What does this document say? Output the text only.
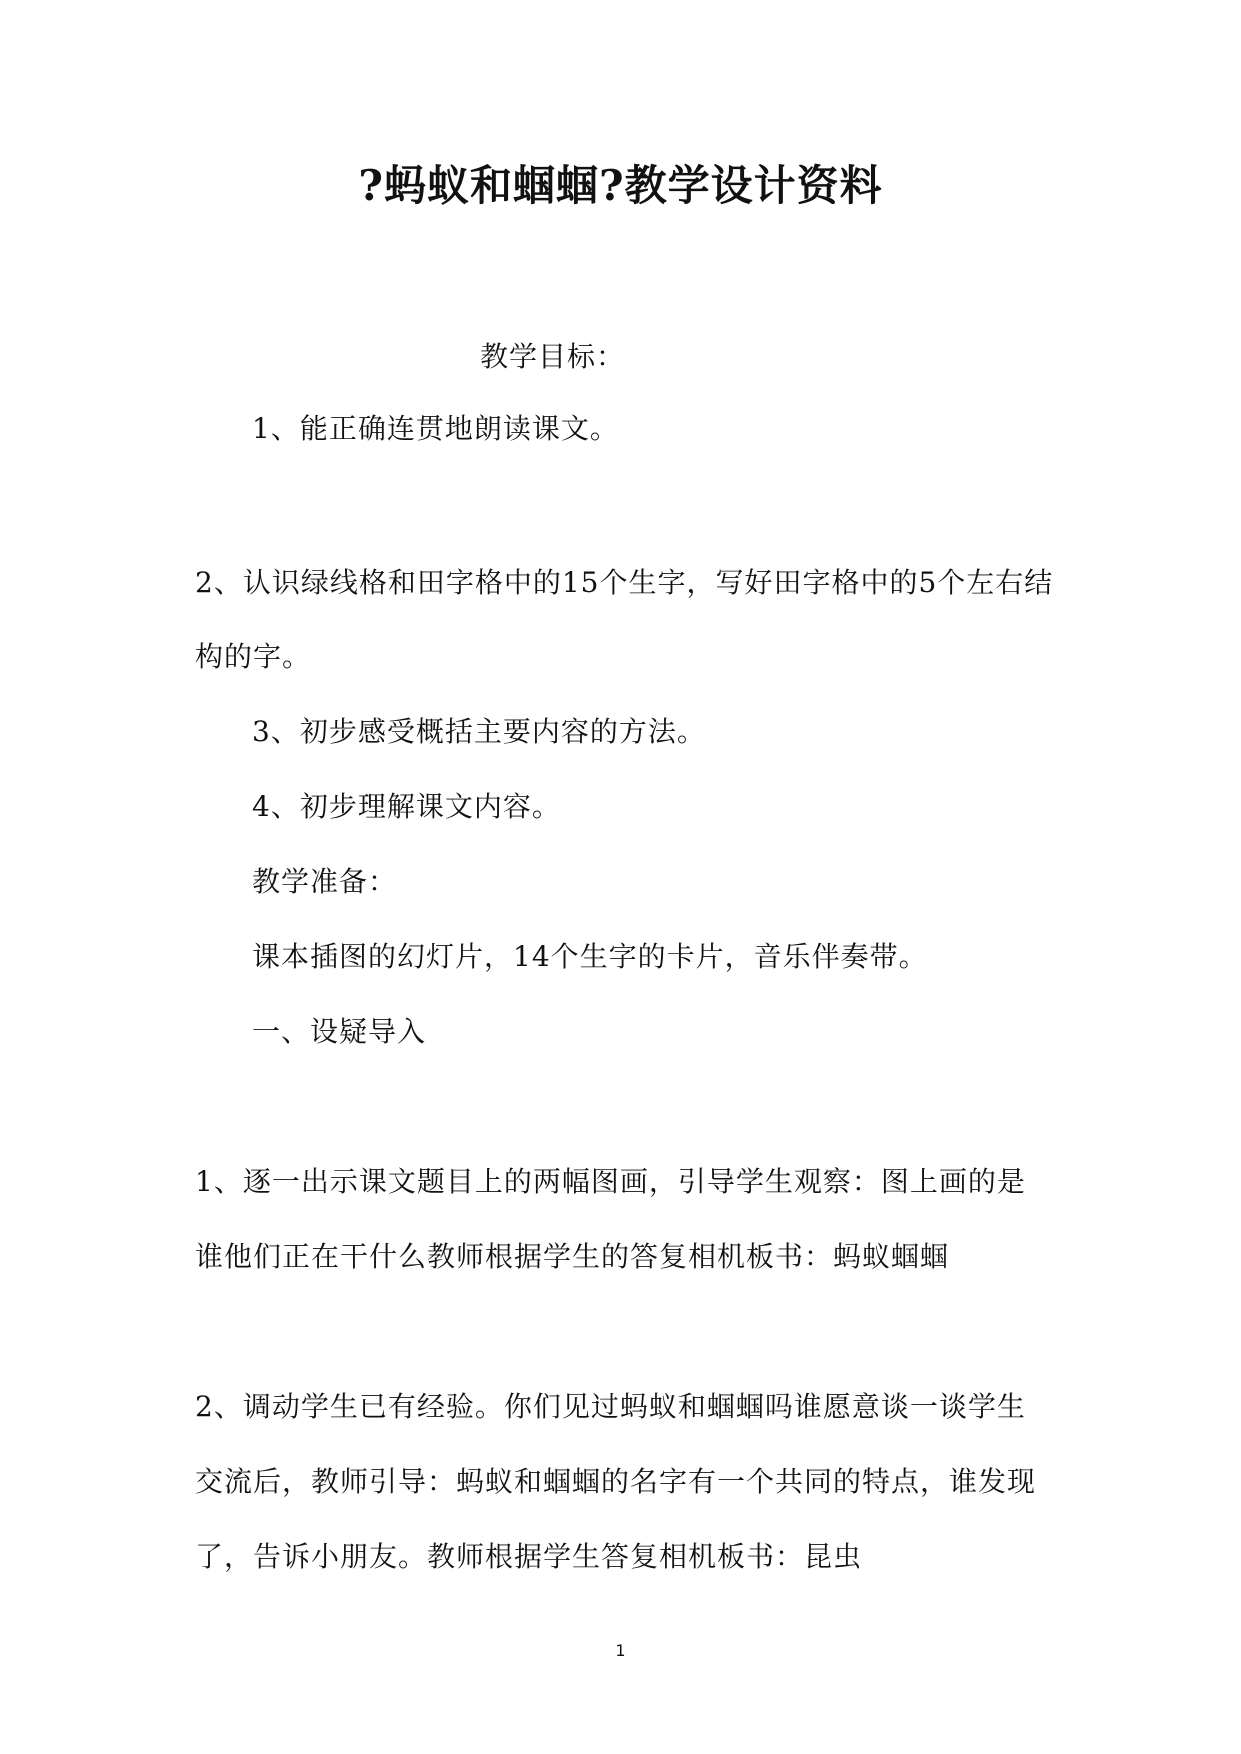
?蚂蚁和蝈蝈?教学设计资料
教学目标：
1、能正确连贯地朗读课文。
2、认识绿线格和田字格中的15个生字，写好田字格中的5个左右结
构的字。
3、初步感受概括主要内容的方法。
4、初步理解课文内容。
教学准备：
课本插图的幻灯片，14个生字的卡片，音乐伴奏带。
一、设疑导入
1、逐一出示课文题目上的两幅图画，引导学生观察：图上画的是
谁他们正在干什么教师根据学生的答复相机板书：蚂蚁蝈蝈
2、调动学生已有经验。你们见过蚂蚁和蝈蝈吗谁愿意谈一谈学生
交流后，教师引导：蚂蚁和蝈蝈的名字有一个共同的特点，谁发现
了，告诉小朋友。教师根据学生答复相机板书：昆虫
1
